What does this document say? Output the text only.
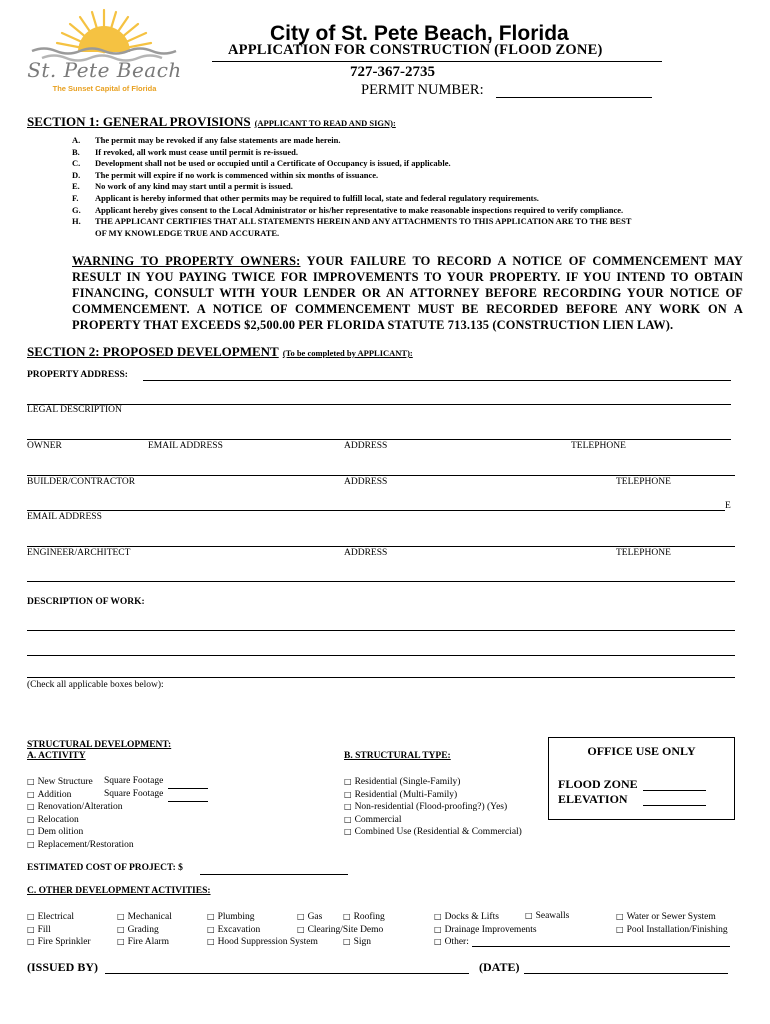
St. Pete Beach
The Sunset Capital of Florida
City of St. Pete Beach, Florida
APPLICATION FOR CONSTRUCTION (FLOOD ZONE)
727-367-2735
PERMIT NUMBER:
SECTION 1: GENERAL PROVISIONS (APPLICANT TO READ AND SIGN):
A. The permit may be revoked if any false statements are made herein.
B. If revoked, all work must cease until permit is re-issued.
C. Development shall not be used or occupied until a Certificate of Occupancy is issued, if applicable.
D. The permit will expire if no work is commenced within six months of issuance.
E. No work of any kind may start until a permit is issued.
F. Applicant is hereby informed that other permits may be required to fulfill local, state and federal regulatory requirements.
G. Applicant hereby gives consent to the Local Administrator or his/her representative to make reasonable inspections required to verify compliance.
H. THE APPLICANT CERTIFIES THAT ALL STATEMENTS HEREIN AND ANY ATTACHMENTS TO THIS APPLICATION ARE TO THE BEST
OF MY KNOWLEDGE TRUE AND ACCURATE.
WARNING TO PROPERTY OWNERS: YOUR FAILURE TO RECORD A NOTICE OF COMMENCEMENT MAY RESULT IN YOU PAYING TWICE FOR IMPROVEMENTS TO YOUR PROPERTY. IF YOU INTEND TO OBTAIN FINANCING, CONSULT WITH YOUR LENDER OR AN ATTORNEY BEFORE RECORDING YOUR NOTICE OF COMMENCEMENT. A NOTICE OF COMMENCEMENT MUST BE RECORDED BEFORE ANY WORK ON A PROPERTY THAT EXCEEDS $2,500.00 PER FLORIDA STATUTE 713.135 (CONSTRUCTION LIEN LAW).
SECTION 2: PROPOSED DEVELOPMENT (To be completed by APPLICANT):
PROPERTY ADDRESS:
LEGAL DESCRIPTION
OWNER	EMAIL ADDRESS	ADDRESS	TELEPHONE
BUILDER/CONTRACTOR	ADDRESS	TELEPHONE
E
EMAIL ADDRESS
ENGINEER/ARCHITECT	ADDRESS	TELEPHONE
DESCRIPTION OF WORK:
(Check all applicable boxes below):
STRUCTURAL DEVELOPMENT:
A. ACTIVITY	B. STRUCTURAL TYPE:
□ New Structure
□ Addition
□ Renovation/Alteration
□ Relocation
□ Dem olition
□ Replacement/Restoration
Square Footage
Square Footage
□ Residential (Single-Family)
□ Residential (Multi-Family)
□ Non-residential (Flood-proofing?) (Yes)
□ Commercial
□ Combined Use (Residential & Commercial)
OFFICE USE ONLY
FLOOD ZONE
ELEVATION
ESTIMATED COST OF PROJECT: $
C. OTHER DEVELOPMENT ACTIVITIES:
□ Electrical
□ Fill
□ Fire Sprinkler
□ Mechanical
□ Grading
□ Fire Alarm
□ Plumbing
□ Excavation
□ Hood Suppression System
□ Gas
□ Clearing/Site Demo
□ Roofing
□ Sign
□ Docks & Lifts
□ Drainage Improvements
□ Other:
□ Seawalls
□	Water or Sewer System
□ Pool Installation/Finishing
(ISSUED BY)	(DATE)
